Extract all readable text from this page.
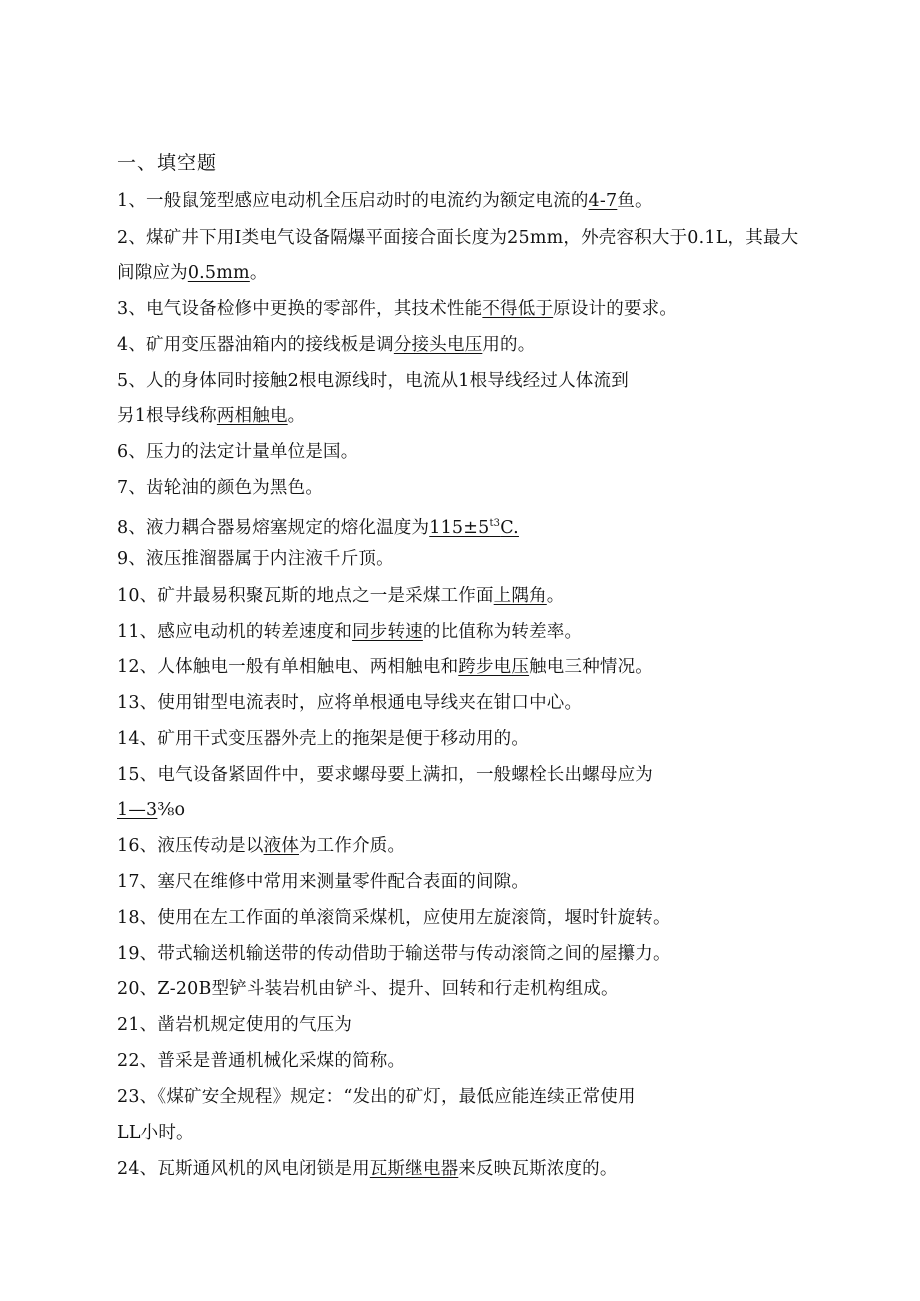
一、填空题
1、一般鼠笼型感应电动机全压启动时的电流约为额定电流的4-7鱼。
2、煤矿井下用Ⅰ类电气设备隔爆平面接合面长度为25mm，外壳容积大于0.1L，其最大
间隙应为0.5mm。
3、电气设备检修中更换的零部件，其技术性能不得低于原设计的要求。
4、矿用变压器油箱内的接线板是调分接头电压用的。
5、人的身体同时接触2根电源线时，电流从1根导线经过人体流到
另1根导线称两相触电。
6、压力的法定计量单位是国。
7、齿轮油的颜色为黑色。
8、液力耦合器易熔塞规定的熔化温度为$115\pm 5^{t3}C$.
9、液压推溜器属于内注液千斤顶。
10、矿井最易积聚瓦斯的地点之一是采煤工作面上隅角。
11、感应电动机的转差速度和同步转速的比值称为转差率。
12、人体触电一般有单相触电、两相触电和跨步电压触电三种情况。
13、使用钳型电流表时，应将单根通电导线夹在钳口中心。
14、矿用干式变压器外壳上的拖架是便于移动用的。
15、电气设备紧固件中，要求螺母要上满扣，一般螺栓长出螺母应为
1—3⅜o
16、液压传动是以液体为工作介质。
17、塞尺在维修中常用来测量零件配合表面的间隙。
18、使用在左工作面的单滚筒采煤机，应使用左旋滚筒，堰时针旋转。
19、带式输送机输送带的传动借助于输送带与传动滚筒之间的屋攥力。
20、Z-20B型铲斗装岩机由铲斗、提升、回转和行走机构组成。
21、凿岩机规定使用的气压为
22、普采是普通机械化采煤的简称。
23、《煤矿安全规程》规定：“发出的矿灯，最低应能连续正常使用
LL小时。
24、瓦斯通风机的风电闭锁是用瓦斯继电器来反映瓦斯浓度的。
